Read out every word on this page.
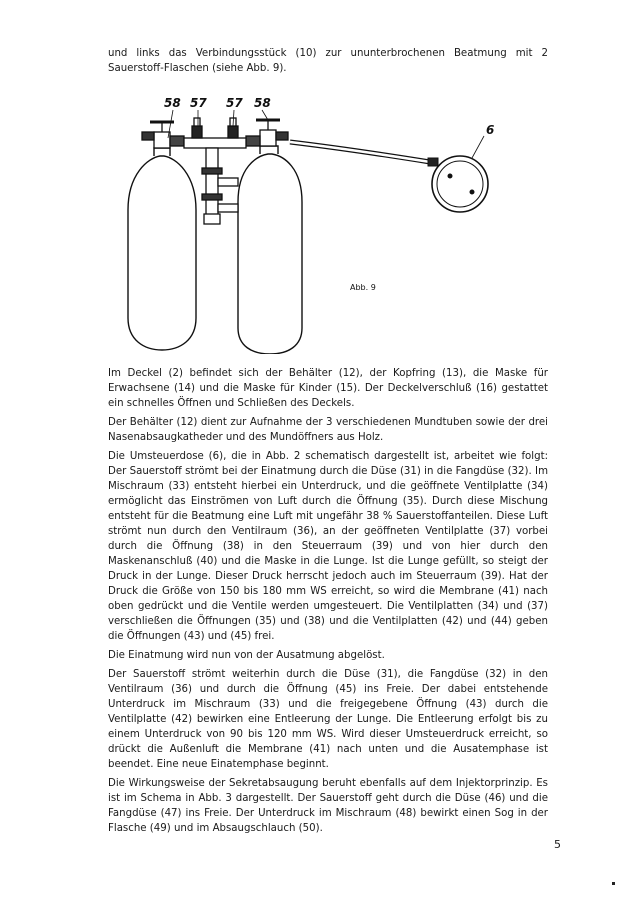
und links das Verbindungsstück (10) zur ununterbrochenen Beatmung mit 2 Sauerstoff-Flaschen (siehe Abb. 9).

58 57 57 58
6
Abb. 9

Im Deckel (2) befindet sich der Behälter (12), der Kopfring (13), die Maske für Erwachsene (14) und die Maske für Kinder (15). Der Deckelverschluß (16) gestattet ein schnelles Öffnen und Schließen des Deckels.

Der Behälter (12) dient zur Aufnahme der 3 verschiedenen Mundtuben sowie der drei Nasenabsaugkatheder und des Mundöffners aus Holz.

Die Umsteuerdose (6), die in Abb. 2 schematisch dargestellt ist, arbeitet wie folgt: Der Sauerstoff strömt bei der Einatmung durch die Düse (31) in die Fangdüse (32). Im Mischraum (33) entsteht hierbei ein Unterdruck, und die geöffnete Ventilplatte (34) ermöglicht das Einströmen von Luft durch die Öffnung (35). Durch diese Mischung entsteht für die Beatmung eine Luft mit ungefähr 38 % Sauerstoffanteilen. Diese Luft strömt nun durch den Ventilraum (36), an der geöffneten Ventilplatte (37) vorbei durch die Öffnung (38) in den Steuerraum (39) und von hier durch den Maskenanschluß (40) und die Maske in die Lunge. Ist die Lunge gefüllt, so steigt der Druck in der Lunge. Dieser Druck herrscht jedoch auch im Steuerraum (39). Hat der Druck die Größe von 150 bis 180 mm WS erreicht, so wird die Membrane (41) nach oben gedrückt und die Ventile werden umgesteuert. Die Ventilplatten (34) und (37) verschließen die Öffnungen (35) und (38) und die Ventilplatten (42) und (44) geben die Öffnungen (43) und (45) frei.

Die Einatmung wird nun von der Ausatmung abgelöst.

Der Sauerstoff strömt weiterhin durch die Düse (31), die Fangdüse (32) in den Ventilraum (36) und durch die Öffnung (45) ins Freie. Der dabei entstehende Unterdruck im Mischraum (33) und die freigegebene Öffnung (43) durch die Ventilplatte (42) bewirken eine Entleerung der Lunge. Die Entleerung erfolgt bis zu einem Unterdruck von 90 bis 120 mm WS. Wird dieser Umsteuerdruck erreicht, so drückt die Außenluft die Membrane (41) nach unten und die Ausatemphase ist beendet. Eine neue Einatemphase beginnt.

Die Wirkungsweise der Sekretabsaugung beruht ebenfalls auf dem Injektorprinzip. Es ist im Schema in Abb. 3 dargestellt. Der Sauerstoff geht durch die Düse (46) und die Fangdüse (47) ins Freie. Der Unterdruck im Mischraum (48) bewirkt einen Sog in der Flasche (49) und im Absaugschlauch (50).

5
